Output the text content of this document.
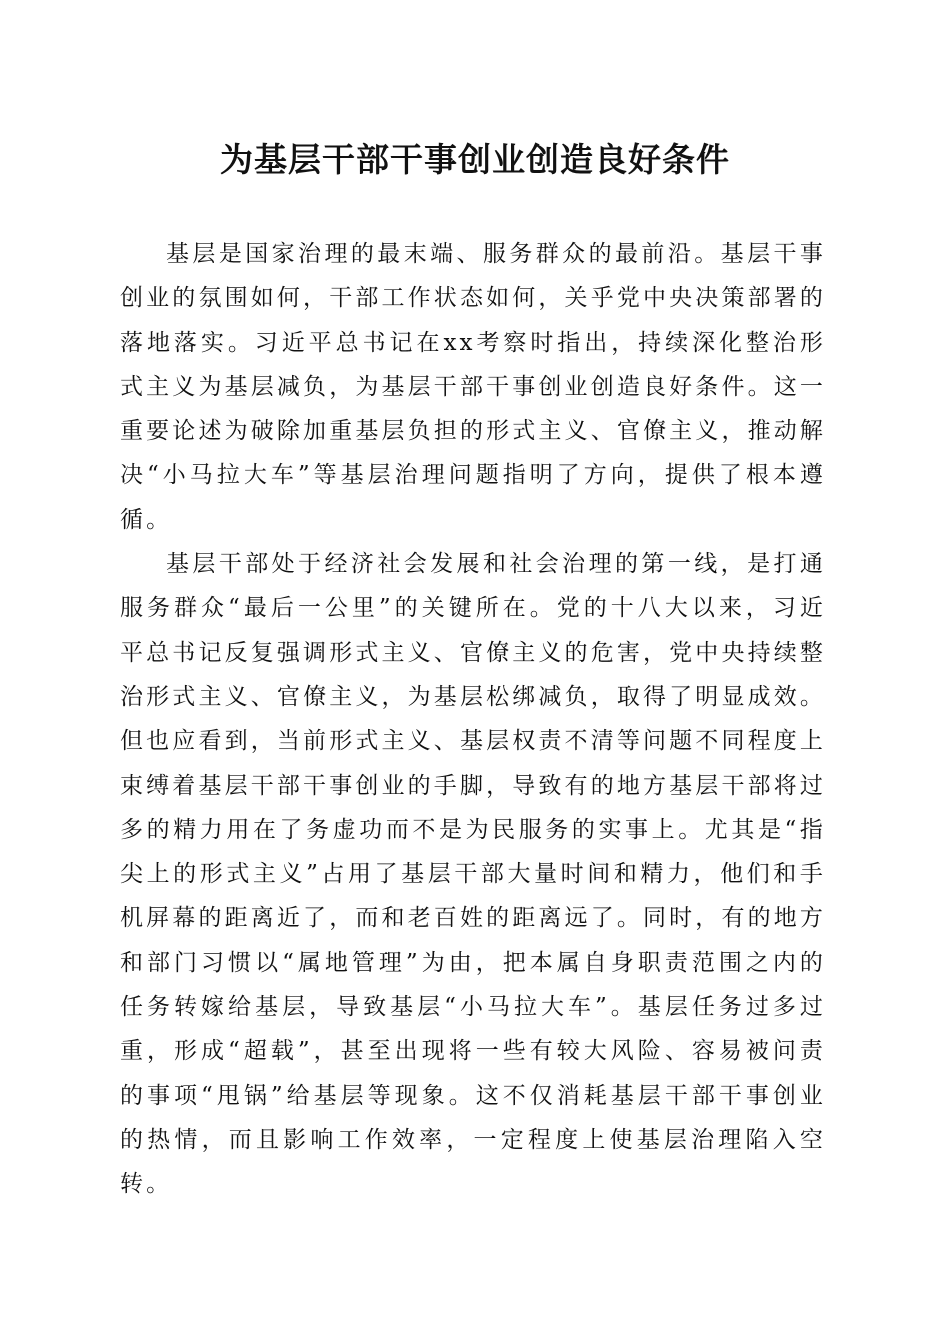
为基层干部干事创业创造良好条件

基层是国家治理的最末端、服务群众的最前沿。基层干事创业的氛围如何，干部工作状态如何，关乎党中央决策部署的落地落实。习近平总书记在xx考察时指出，持续深化整治形式主义为基层减负，为基层干部干事创业创造良好条件。这一重要论述为破除加重基层负担的形式主义、官僚主义，推动解决“小马拉大车”等基层治理问题指明了方向，提供了根本遵循。

基层干部处于经济社会发展和社会治理的第一线，是打通服务群众“最后一公里”的关键所在。党的十八大以来，习近平总书记反复强调形式主义、官僚主义的危害，党中央持续整治形式主义、官僚主义，为基层松绑减负，取得了明显成效。但也应看到，当前形式主义、基层权责不清等问题不同程度上束缚着基层干部干事创业的手脚，导致有的地方基层干部将过多的精力用在了务虚功而不是为民服务的实事上。尤其是“指尖上的形式主义”占用了基层干部大量时间和精力，他们和手机屏幕的距离近了，而和老百姓的距离远了。同时，有的地方和部门习惯以“属地管理”为由，把本属自身职责范围之内的任务转嫁给基层，导致基层“小马拉大车”。基层任务过多过重，形成“超载”，甚至出现将一些有较大风险、容易被问责的事项“甩锅”给基层等现象。这不仅消耗基层干部干事创业的热情，而且影响工作效率，一定程度上使基层治理陷入空转。
